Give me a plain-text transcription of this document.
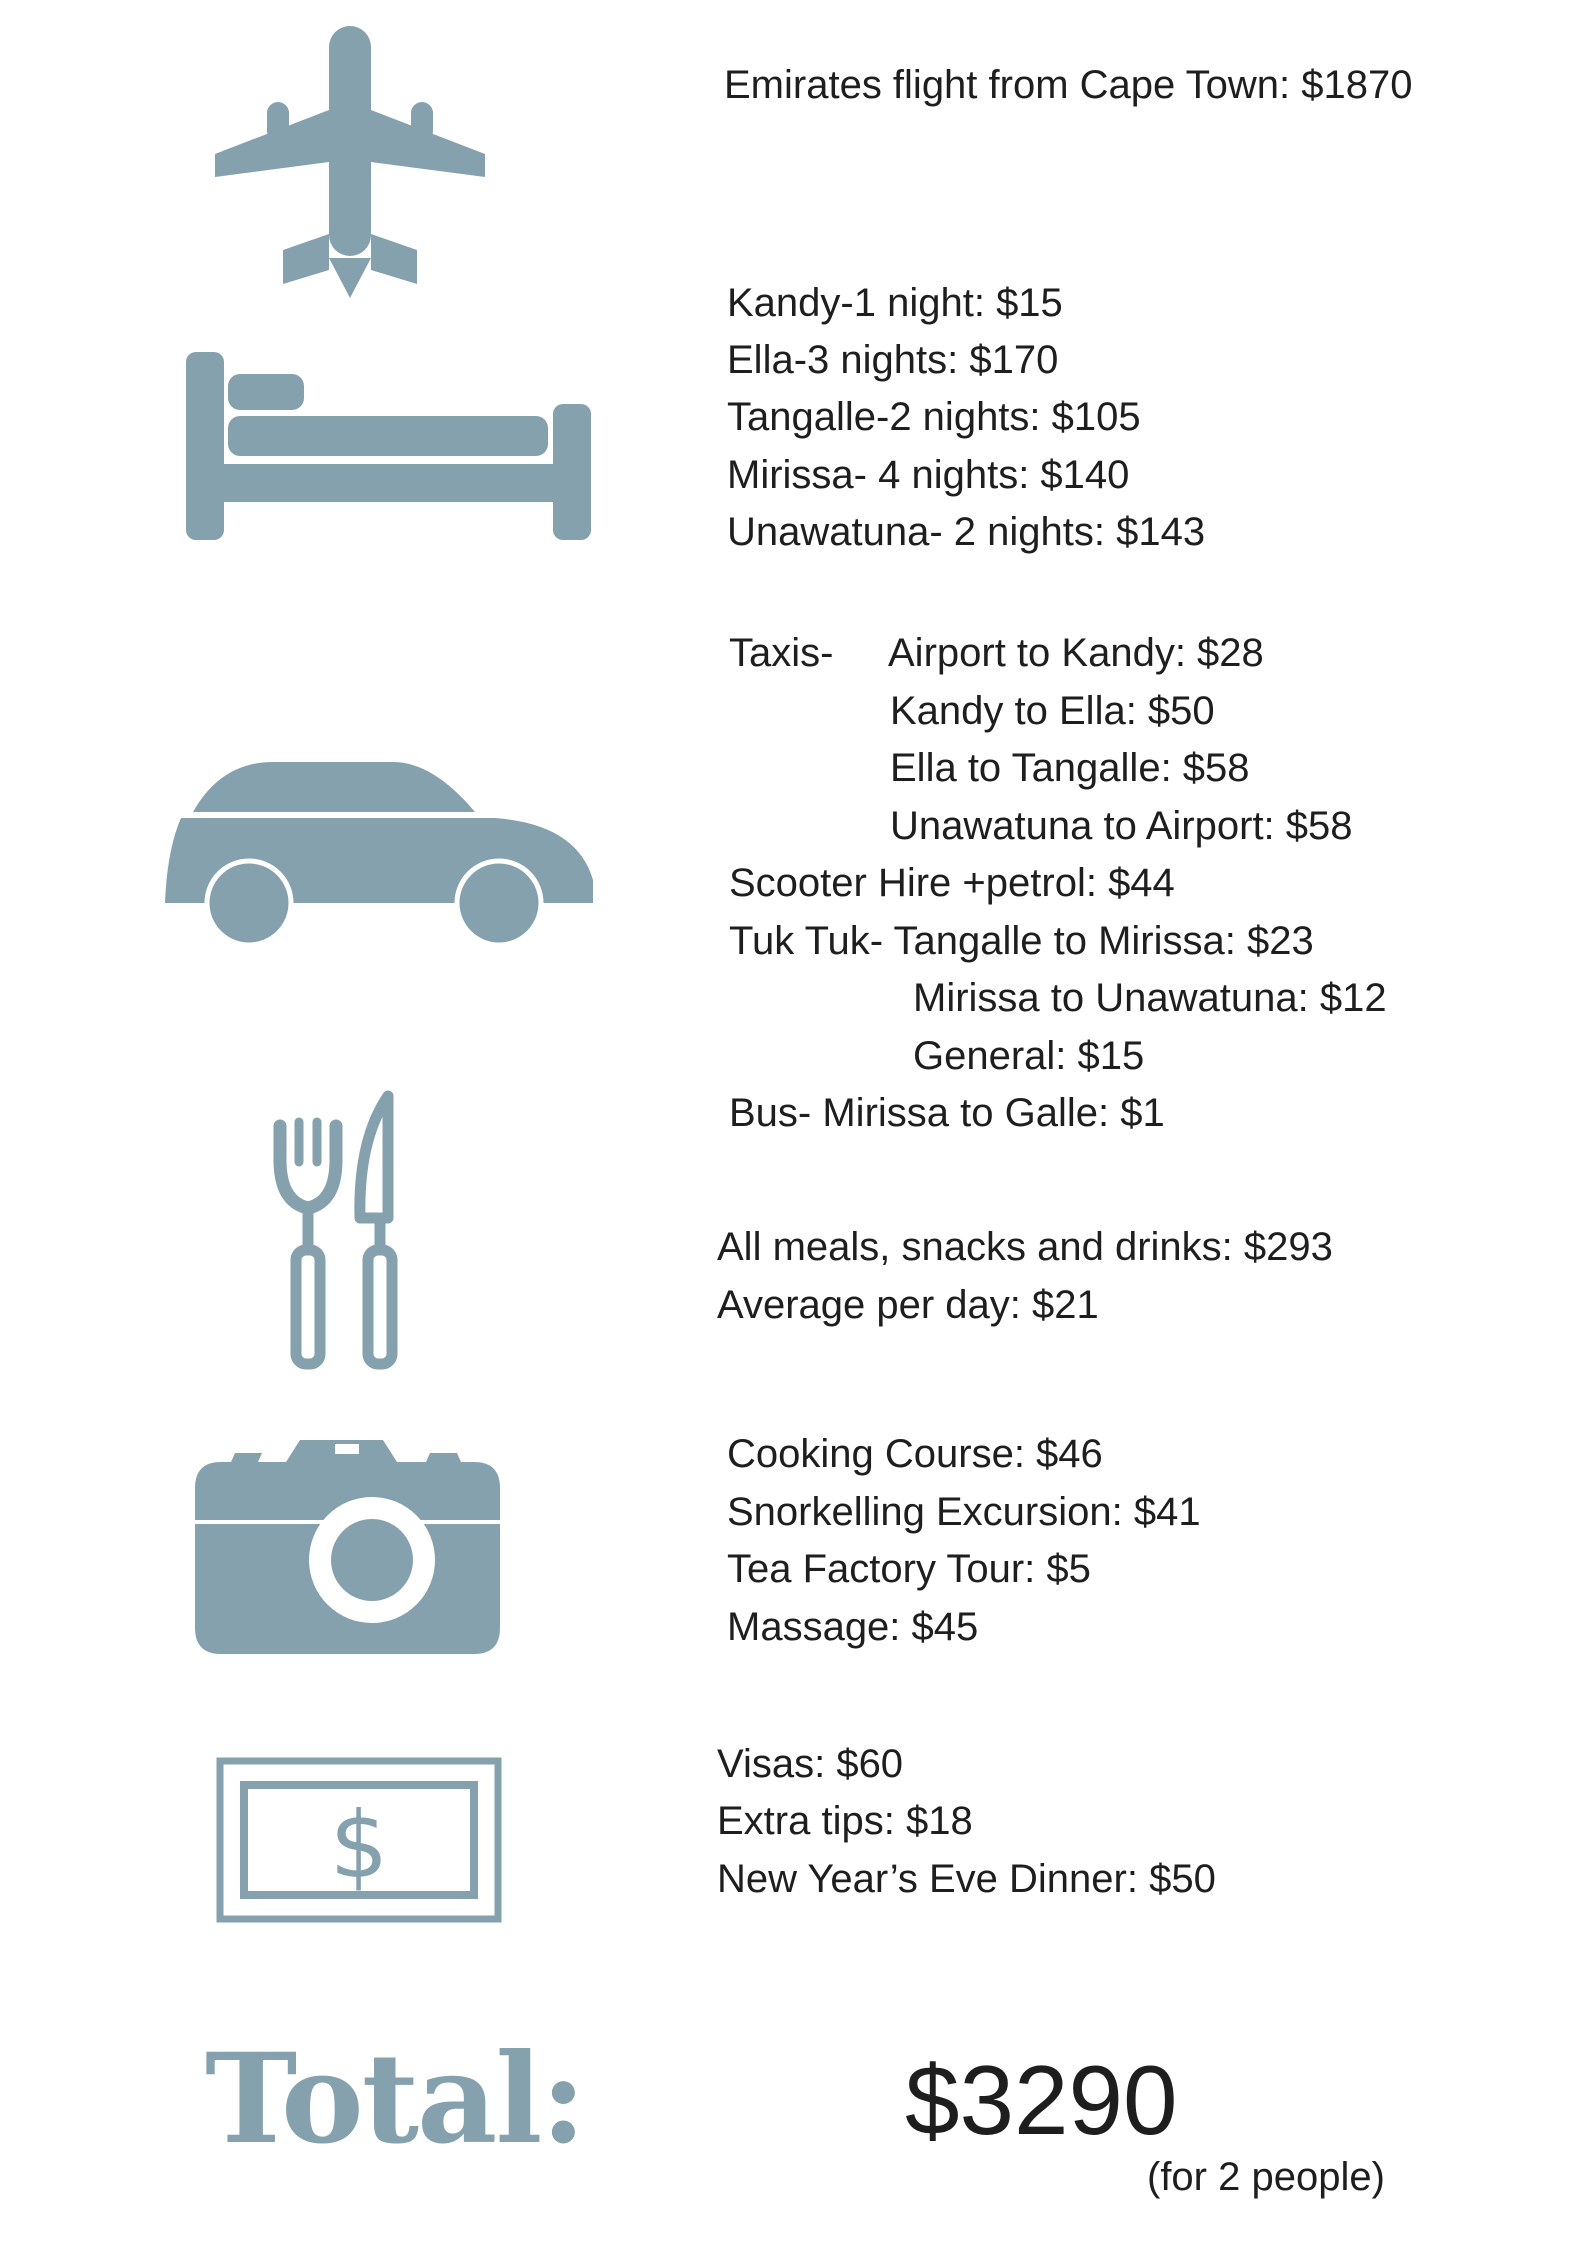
$
Emirates flight from Cape Town: $1870
Kandy-1 night: $15
Ella-3 nights: $170
Tangalle-2 nights: $105
Mirissa- 4 nights: $140
Unawatuna- 2 nights: $143
Taxis- Airport to Kandy: $28
Kandy to Ella: $50
Ella to Tangalle: $58
Unawatuna to Airport: $58
Scooter Hire +petrol: $44
Tuk Tuk- Tangalle to Mirissa: $23
Mirissa to Unawatuna: $12
General: $15
Bus- Mirissa to Galle: $1
All meals, snacks and drinks: $293
Average per day: $21
Cooking Course: $46
Snorkelling Excursion: $41
Tea Factory Tour: $5
Massage: $45
Visas: $60
Extra tips: $18
New Year’s Eve Dinner: $50
Total:	$3290
(for 2 people)
